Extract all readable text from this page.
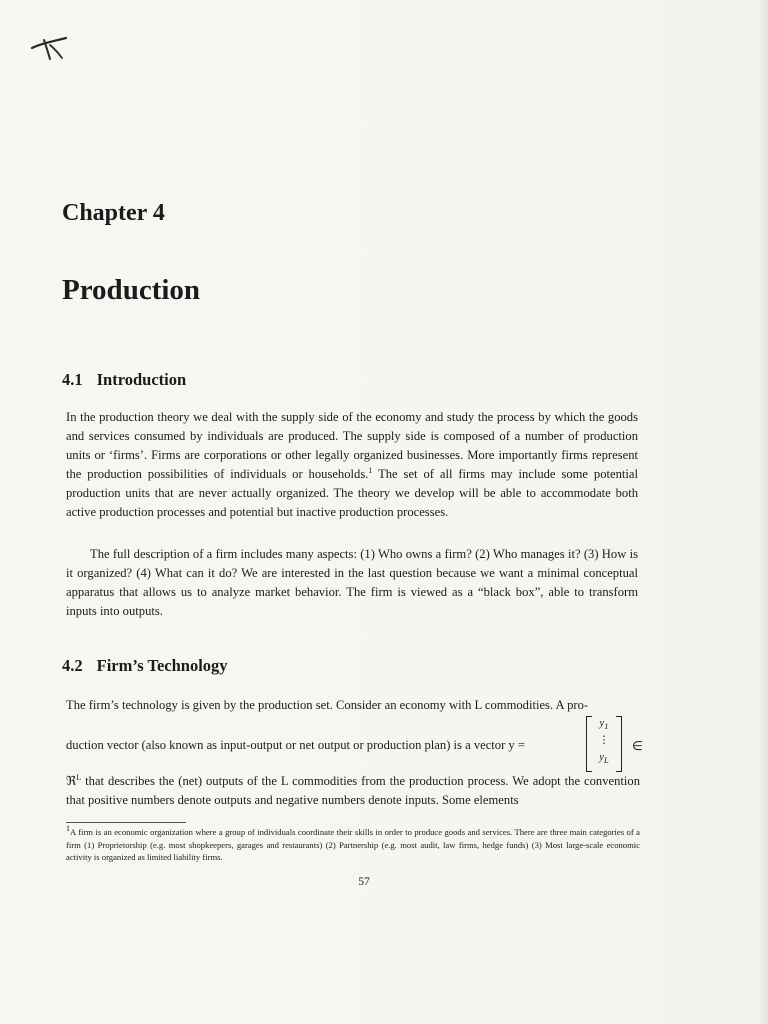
Chapter 4
Production
4.1 Introduction

In the production theory we deal with the supply side of the economy and study the process by which the goods and services consumed by individuals are produced. The supply side is composed of a number of production units or ‘firms’. Firms are corporations or other legally organized businesses. More importantly firms represent the production possibilities of individuals or households.$^1$ The set of all firms may include some potential production units that are never actually organized. The theory we develop will be able to accommodate both active production processes and potential but inactive production processes.

The full description of a firm includes many aspects: (1) Who owns a firm? (2) Who manages it? (3) How is it organized? (4) What can it do? We are interested in the last question because we want a minimal conceptual apparatus that allows us to analyze market behavior. The firm is viewed as a “black box”, able to transform inputs into outputs.

4.2 Firm’s Technology

The firm’s technology is given by the production set. Consider an economy with L commodities. A pro-

duction vector (also known as input-output or net output or production plan) is a vector y =
$y_1$
⋮
$y_L$
∈

ℜ$^L$ that describes the (net) outputs of the L commodities from the production process. We adopt the convention that positive numbers denote outputs and negative numbers denote inputs. Some elements

$^1$A firm is an economic organization where a group of individuals coordinate their skills in order to produce goods and services. There are three main categories of a firm (1) Proprietorship (e.g. most shopkeepers, garages and restaurants) (2) Partnership (e.g. most audit, law firms, hedge funds) (3) Most large-scale economic activity is organized as limited liability firms.

57
